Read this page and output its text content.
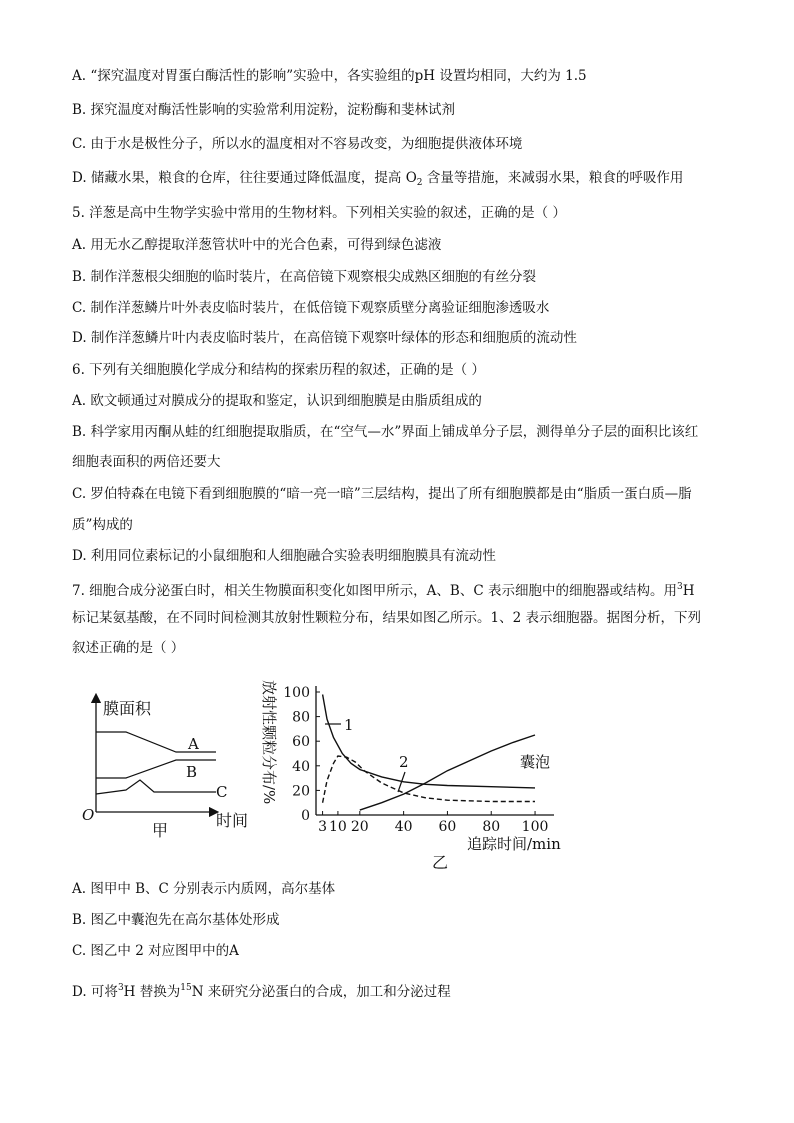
A. “探究温度对胃蛋白酶活性的影响”实验中，各实验组的pH 设置均相同，大约为 1.5
B. 探究温度对酶活性影响的实验常利用淀粉，淀粉酶和斐林试剂
C. 由于水是极性分子，所以水的温度相对不容易改变，为细胞提供液体环境
D. 储藏水果，粮食的仓库，往往要通过降低温度，提高 $O_2$ 含量等措施，来减弱水果，粮食的呼吸作用
5. 洋葱是高中生物学实验中常用的生物材料。下列相关实验的叙述，正确的是（ ）
A. 用无水乙醇提取洋葱管状叶中的光合色素，可得到绿色滤液
B. 制作洋葱根尖细胞的临时装片，在高倍镜下观察根尖成熟区细胞的有丝分裂
C. 制作洋葱鳞片叶外表皮临时装片，在低倍镜下观察质壁分离验证细胞渗透吸水
D. 制作洋葱鳞片叶内表皮临时装片，在高倍镜下观察叶绿体的形态和细胞质的流动性
6. 下列有关细胞膜化学成分和结构的探索历程的叙述，正确的是（ ）
A. 欧文顿通过对膜成分的提取和鉴定，认识到细胞膜是由脂质组成的
B. 科学家用丙酮从蛙的红细胞提取脂质，在“空气—水”界面上铺成单分子层，测得单分子层的面积比该红
细胞表面积的两倍还要大
C. 罗伯特森在电镜下看到细胞膜的“暗一亮一暗”三层结构，提出了所有细胞膜都是由“脂质一蛋白质—脂
质”构成的
D. 利用同位素标记的小鼠细胞和人细胞融合实验表明细胞膜具有流动性
7. 细胞合成分泌蛋白时，相关生物膜面积变化如图甲所示，A、B、C 表示细胞中的细胞器或结构。用$^3$H
标记某氨基酸，在不同时间检测其放射性颗粒分布，结果如图乙所示。1、2 表示细胞器。据图分析，下列
叙述正确的是（ ）
膜面积
时间
O
甲
A
B
C
0
20
40
60
80
100
3 10 20 40 60 80 100
放射性颗粒分布/%
追踪时间/min
乙
1
2	囊泡
A. 图甲中 B、C 分别表示内质网，高尔基体
B. 图乙中囊泡先在高尔基体处形成
C. 图乙中 2 对应图甲中的A
D. 可将$^3$H 替换为$^{15}$N 来研究分泌蛋白的合成，加工和分泌过程
